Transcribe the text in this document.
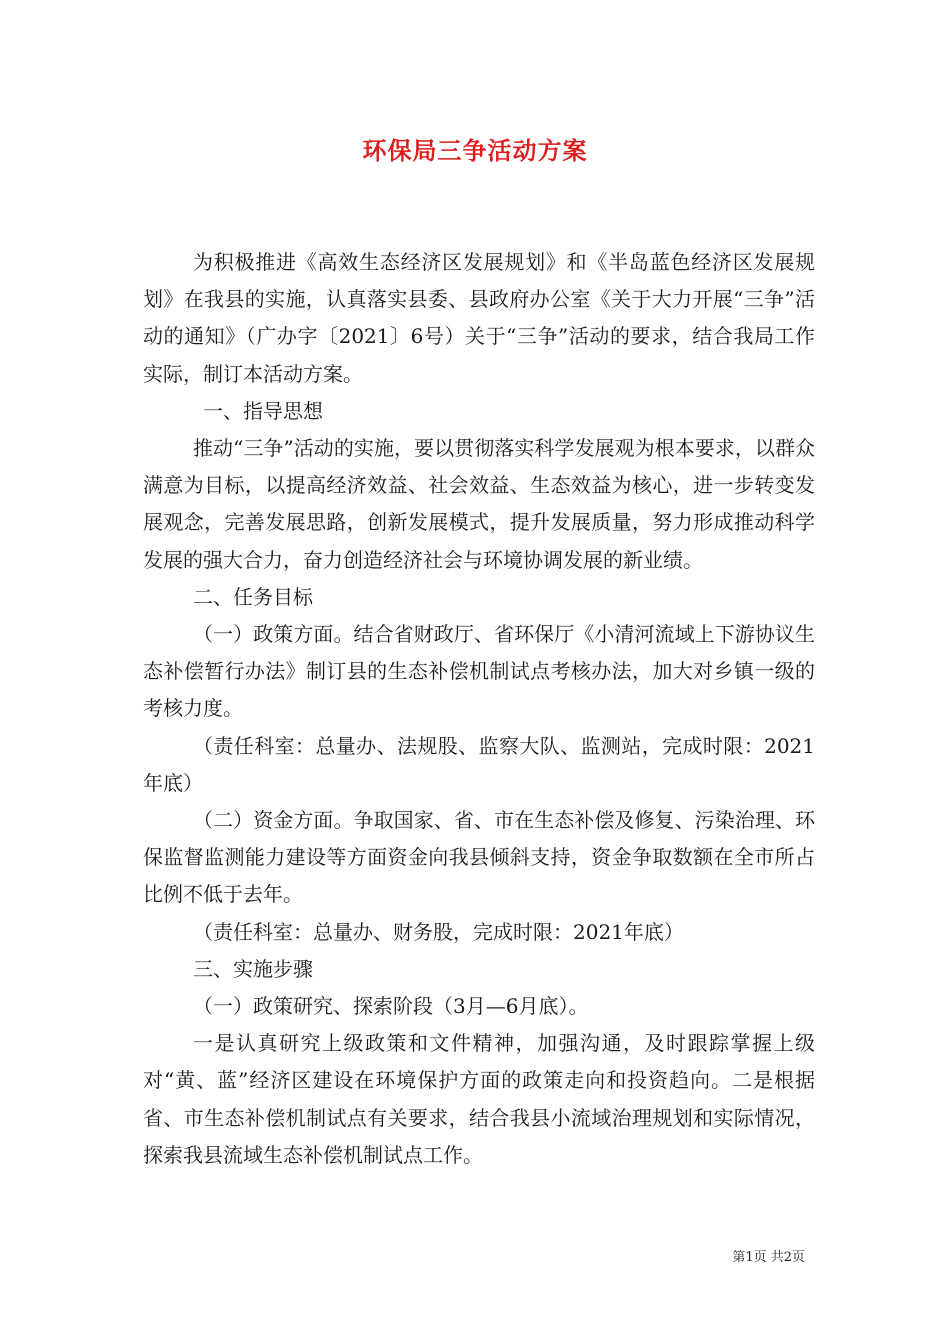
环保局三争活动方案

为积极推进《高效生态经济区发展规划》和《半岛蓝色经济区发展规划》在我县的实施，认真落实县委、县政府办公室《关于大力开展“三争”活动的通知》（广办字〔2021〕6号）关于“三争”活动的要求，结合我局工作实际，制订本活动方案。

一、指导思想

推动“三争”活动的实施，要以贯彻落实科学发展观为根本要求，以群众满意为目标，以提高经济效益、社会效益、生态效益为核心，进一步转变发展观念，完善发展思路，创新发展模式，提升发展质量，努力形成推动科学发展的强大合力，奋力创造经济社会与环境协调发展的新业绩。

二、任务目标

（一）政策方面。结合省财政厅、省环保厅《小清河流域上下游协议生态补偿暂行办法》制订县的生态补偿机制试点考核办法，加大对乡镇一级的考核力度。

（责任科室：总量办、法规股、监察大队、监测站，完成时限：2021年底）

（二）资金方面。争取国家、省、市在生态补偿及修复、污染治理、环保监督监测能力建设等方面资金向我县倾斜支持，资金争取数额在全市所占比例不低于去年。

（责任科室：总量办、财务股，完成时限：2021年底）

三、实施步骤

（一）政策研究、探索阶段（3月—6月底）。

一是认真研究上级政策和文件精神，加强沟通，及时跟踪掌握上级对“黄、蓝”经济区建设在环境保护方面的政策走向和投资趋向。二是根据省、市生态补偿机制试点有关要求，结合我县小流域治理规划和实际情况，探索我县流域生态补偿机制试点工作。

第1页 共2页
